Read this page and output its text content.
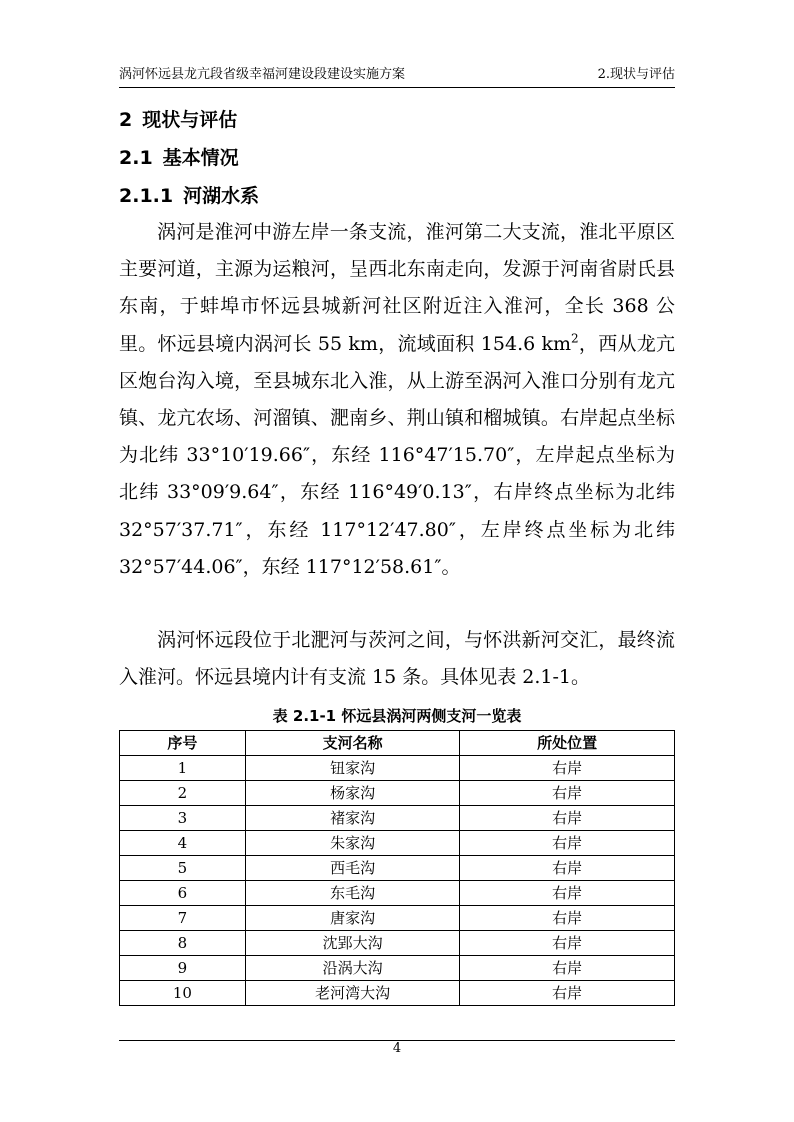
涡河怀远县龙亢段省级幸福河建设段建设实施方案	2.现状与评估
2 现状与评估
2.1 基本情况
2.1.1 河湖水系

涡河是淮河中游左岸一条支流，淮河第二大支流，淮北平原区主要河道，主源为运粮河，呈西北东南走向，发源于河南省尉氏县东南，于蚌埠市怀远县城新河社区附近注入淮河，全长 368 公里。怀远县境内涡河长 55 km，流域面积 154.6 $km^2$，西从龙亢区炮台沟入境，至县城东北入淮，从上游至涡河入淮口分别有龙亢镇、龙亢农场、河溜镇、淝南乡、荆山镇和榴城镇。右岸起点坐标为北纬 33°10′19.66″，东经 116°47′15.70″，左岸起点坐标为北纬 33°09′9.64″，东经 116°49′0.13″，右岸终点坐标为北纬 32°57′37.71″，东经 117°12′47.80″，左岸终点坐标为北纬 32°57′44.06″，东经 117°12′58.61″。

涡河怀远段位于北淝河与茨河之间，与怀洪新河交汇，最终流入淮河。怀远县境内计有支流 15 条。具体见表 2.1-1。

表 2.1-1 怀远县涡河两侧支河一览表
序号	支河名称	所处位置
1	钮家沟	右岸
2	杨家沟	右岸
3	褚家沟	右岸
4	朱家沟	右岸
5	西毛沟	右岸
6	东毛沟	右岸
7	唐家沟	右岸
8	沈郢大沟	右岸
9	沿涡大沟	右岸
10	老河湾大沟	右岸
4
